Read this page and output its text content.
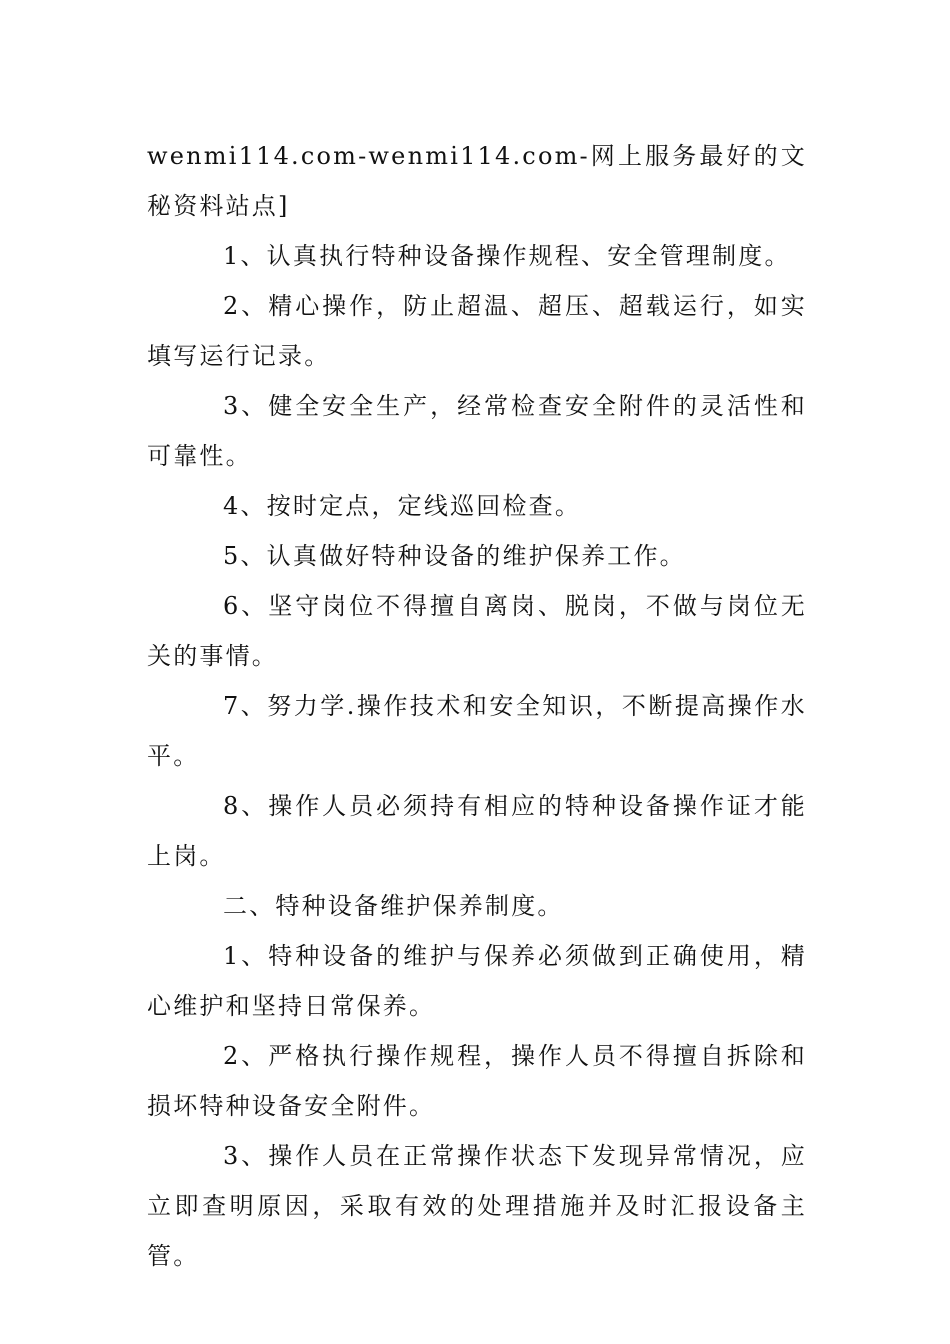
wenmi114.com-wenmi114.com-网上服务最好的文秘资料站点]

1、认真执行特种设备操作规程、安全管理制度。

2、精心操作，防止超温、超压、超载运行，如实填写运行记录。

3、健全安全生产，经常检查安全附件的灵活性和可靠性。

4、按时定点，定线巡回检查。

5、认真做好特种设备的维护保养工作。

6、坚守岗位不得擅自离岗、脱岗，不做与岗位无关的事情。

7、努力学.操作技术和安全知识，不断提高操作水平。

8、操作人员必须持有相应的特种设备操作证才能上岗。

二、特种设备维护保养制度。

1、特种设备的维护与保养必须做到正确使用，精心维护和坚持日常保养。

2、严格执行操作规程，操作人员不得擅自拆除和损坏特种设备安全附件。

3、操作人员在正常操作状态下发现异常情况，应立即查明原因，采取有效的处理措施并及时汇报设备主管。
